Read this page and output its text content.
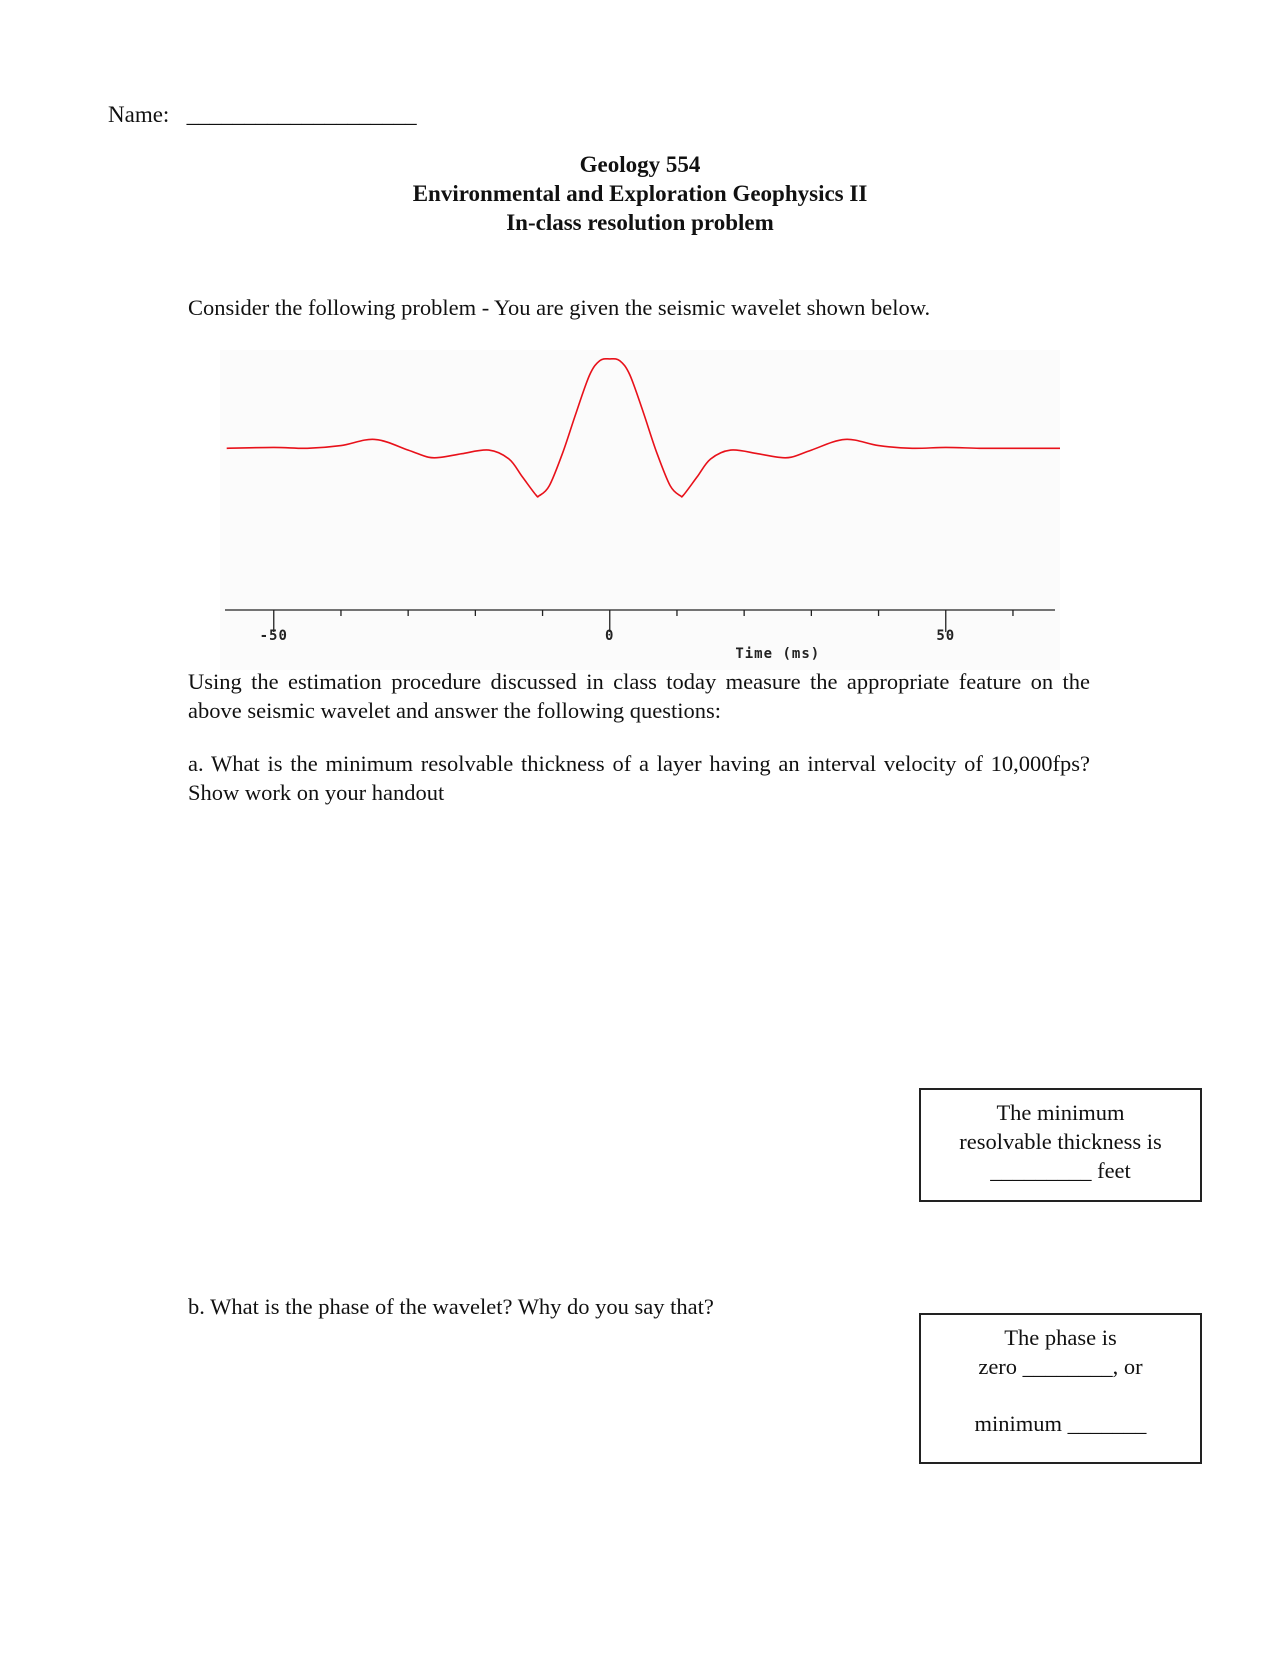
Name: ____________________
Geology 554
Environmental and Exploration Geophysics II
In-class resolution problem
Consider the following problem - You are given the seismic wavelet shown below.
-50	0	50
Time (ms)
Using the estimation procedure discussed in class today measure the appropriate feature on the above seismic wavelet and answer the following questions:
a. What is the minimum resolvable thickness of a layer having an interval velocity of 10,000fps? Show work on your handout
The minimum
resolvable thickness is
_________ feet
b. What is the phase of the wavelet? Why do you say that?
The phase is
zero ________, or
minimum _______
